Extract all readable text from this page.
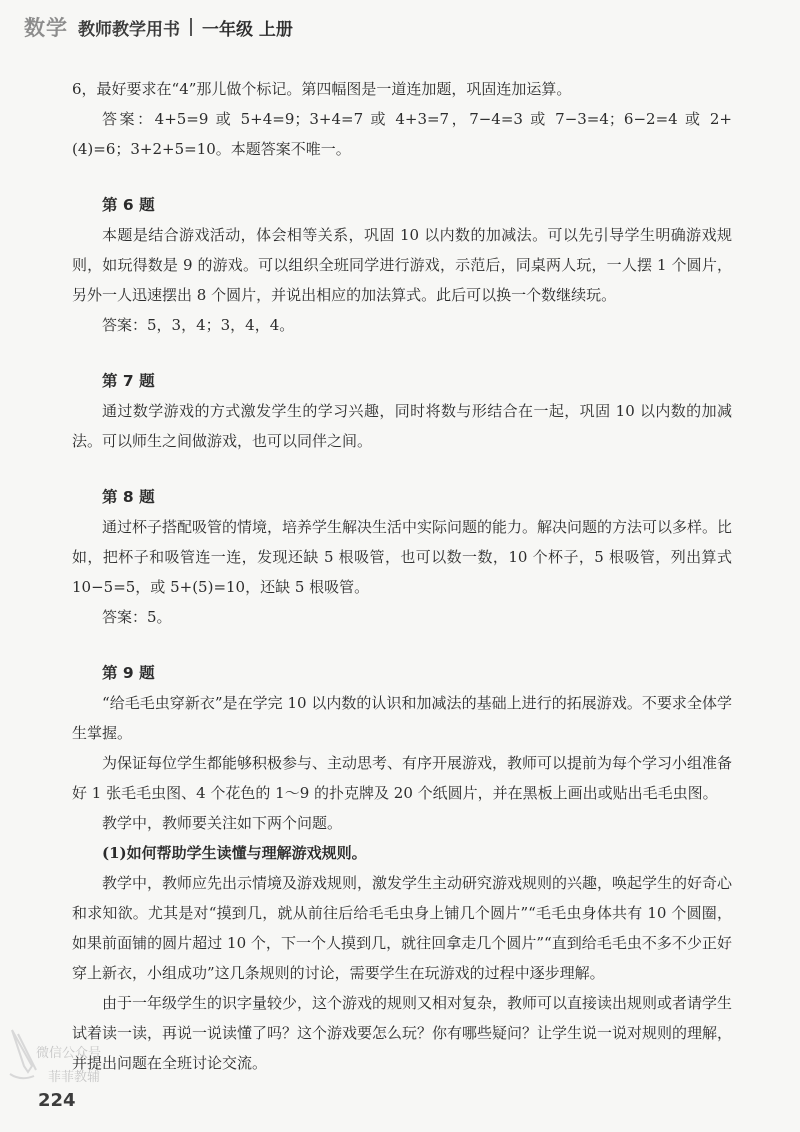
数学 教师教学用书 一年级 上册

6，最好要求在“4”那儿做个标记。第四幅图是一道连加题，巩固连加运算。

答案：4+5=9 或 5+4=9；3+4=7 或 4+3=7，7−4=3 或 7−3=4；6−2=4 或 2+(4)=6；3+2+5=10。本题答案不唯一。

第 6 题

本题是结合游戏活动，体会相等关系，巩固 10 以内数的加减法。可以先引导学生明确游戏规则，如玩得数是 9 的游戏。可以组织全班同学进行游戏，示范后，同桌两人玩，一人摆 1 个圆片，另外一人迅速摆出 8 个圆片，并说出相应的加法算式。此后可以换一个数继续玩。

答案：5，3，4；3，4，4。

第 7 题

通过数学游戏的方式激发学生的学习兴趣，同时将数与形结合在一起，巩固 10 以内数的加减法。可以师生之间做游戏，也可以同伴之间。

第 8 题

通过杯子搭配吸管的情境，培养学生解决生活中实际问题的能力。解决问题的方法可以多样。比如，把杯子和吸管连一连，发现还缺 5 根吸管，也可以数一数，10 个杯子，5 根吸管，列出算式 10−5=5，或 5+(5)=10，还缺 5 根吸管。

答案：5。

第 9 题

“给毛毛虫穿新衣”是在学完 10 以内数的认识和加减法的基础上进行的拓展游戏。不要求全体学生掌握。

为保证每位学生都能够积极参与、主动思考、有序开展游戏，教师可以提前为每个学习小组准备好 1 张毛毛虫图、4 个花色的 1～9 的扑克牌及 20 个纸圆片，并在黑板上画出或贴出毛毛虫图。

教学中，教师要关注如下两个问题。

(1)如何帮助学生读懂与理解游戏规则。

教学中，教师应先出示情境及游戏规则，激发学生主动研究游戏规则的兴趣，唤起学生的好奇心和求知欲。尤其是对“摸到几，就从前往后给毛毛虫身上铺几个圆片”“毛毛虫身体共有 10 个圆圈，如果前面铺的圆片超过 10 个，下一个人摸到几，就往回拿走几个圆片”“直到给毛毛虫不多不少正好穿上新衣，小组成功”这几条规则的讨论，需要学生在玩游戏的过程中逐步理解。

由于一年级学生的识字量较少，这个游戏的规则又相对复杂，教师可以直接读出规则或者请学生试着读一读，再说一说读懂了吗？这个游戏要怎么玩？你有哪些疑问？让学生说一说对规则的理解，并提出问题在全班讨论交流。

微信公众号
菲菲教辅
224
